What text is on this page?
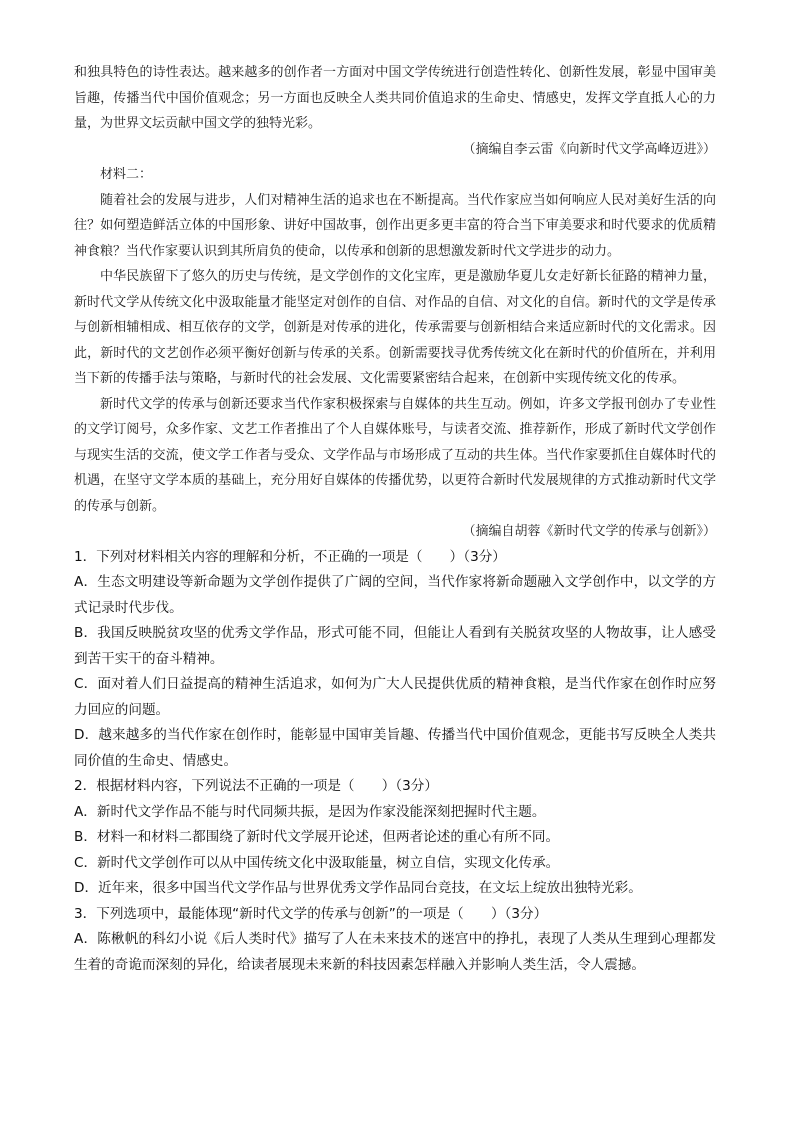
和独具特色的诗性表达。越来越多的创作者一方面对中国文学传统进行创造性转化、创新性发展，彰显中国审美旨趣，传播当代中国价值观念；另一方面也反映全人类共同价值追求的生命史、情感史，发挥文学直抵人心的力量，为世界文坛贡献中国文学的独特光彩。

（摘编自李云雷《向新时代文学高峰迈进》）

材料二：

随着社会的发展与进步，人们对精神生活的追求也在不断提高。当代作家应当如何响应人民对美好生活的向往？如何塑造鲜活立体的中国形象、讲好中国故事，创作出更多更丰富的符合当下审美要求和时代要求的优质精神食粮？当代作家要认识到其所肩负的使命，以传承和创新的思想激发新时代文学进步的动力。

中华民族留下了悠久的历史与传统，是文学创作的文化宝库，更是激励华夏儿女走好新长征路的精神力量，新时代文学从传统文化中汲取能量才能坚定对创作的自信、对作品的自信、对文化的自信。新时代的文学是传承与创新相辅相成、相互依存的文学，创新是对传承的进化，传承需要与创新相结合来适应新时代的文化需求。因此，新时代的文艺创作必须平衡好创新与传承的关系。创新需要找寻优秀传统文化在新时代的价值所在，并利用当下新的传播手法与策略，与新时代的社会发展、文化需要紧密结合起来，在创新中实现传统文化的传承。

新时代文学的传承与创新还要求当代作家积极探索与自媒体的共生互动。例如，许多文学报刊创办了专业性的文学订阅号，众多作家、文艺工作者推出了个人自媒体账号，与读者交流、推荐新作，形成了新时代文学创作与现实生活的交流，使文学工作者与受众、文学作品与市场形成了互动的共生体。当代作家要抓住自媒体时代的机遇，在坚守文学本质的基础上，充分用好自媒体的传播优势，以更符合新时代发展规律的方式推动新时代文学的传承与创新。

（摘编自胡蓉《新时代文学的传承与创新》）

1．下列对材料相关内容的理解和分析，不正确的一项是（　　）（3分）

A．生态文明建设等新命题为文学创作提供了广阔的空间，当代作家将新命题融入文学创作中，以文学的方式记录时代步伐。

B．我国反映脱贫攻坚的优秀文学作品，形式可能不同，但能让人看到有关脱贫攻坚的人物故事，让人感受到苦干实干的奋斗精神。

C．面对着人们日益提高的精神生活追求，如何为广大人民提供优质的精神食粮，是当代作家在创作时应努力回应的问题。

D．越来越多的当代作家在创作时，能彰显中国审美旨趣、传播当代中国价值观念，更能书写反映全人类共同价值的生命史、情感史。

2．根据材料内容，下列说法不正确的一项是（　　）（3分）

A．新时代文学作品不能与时代同频共振，是因为作家没能深刻把握时代主题。

B．材料一和材料二都围绕了新时代文学展开论述，但两者论述的重心有所不同。

C．新时代文学创作可以从中国传统文化中汲取能量，树立自信，实现文化传承。

D．近年来，很多中国当代文学作品与世界优秀文学作品同台竞技，在文坛上绽放出独特光彩。

3．下列选项中，最能体现“新时代文学的传承与创新”的一项是（　　）（3分）

A．陈楸帆的科幻小说《后人类时代》描写了人在未来技术的迷宫中的挣扎，表现了人类从生理到心理都发生着的奇诡而深刻的异化，给读者展现未来新的科技因素怎样融入并影响人类生活，令人震撼。
